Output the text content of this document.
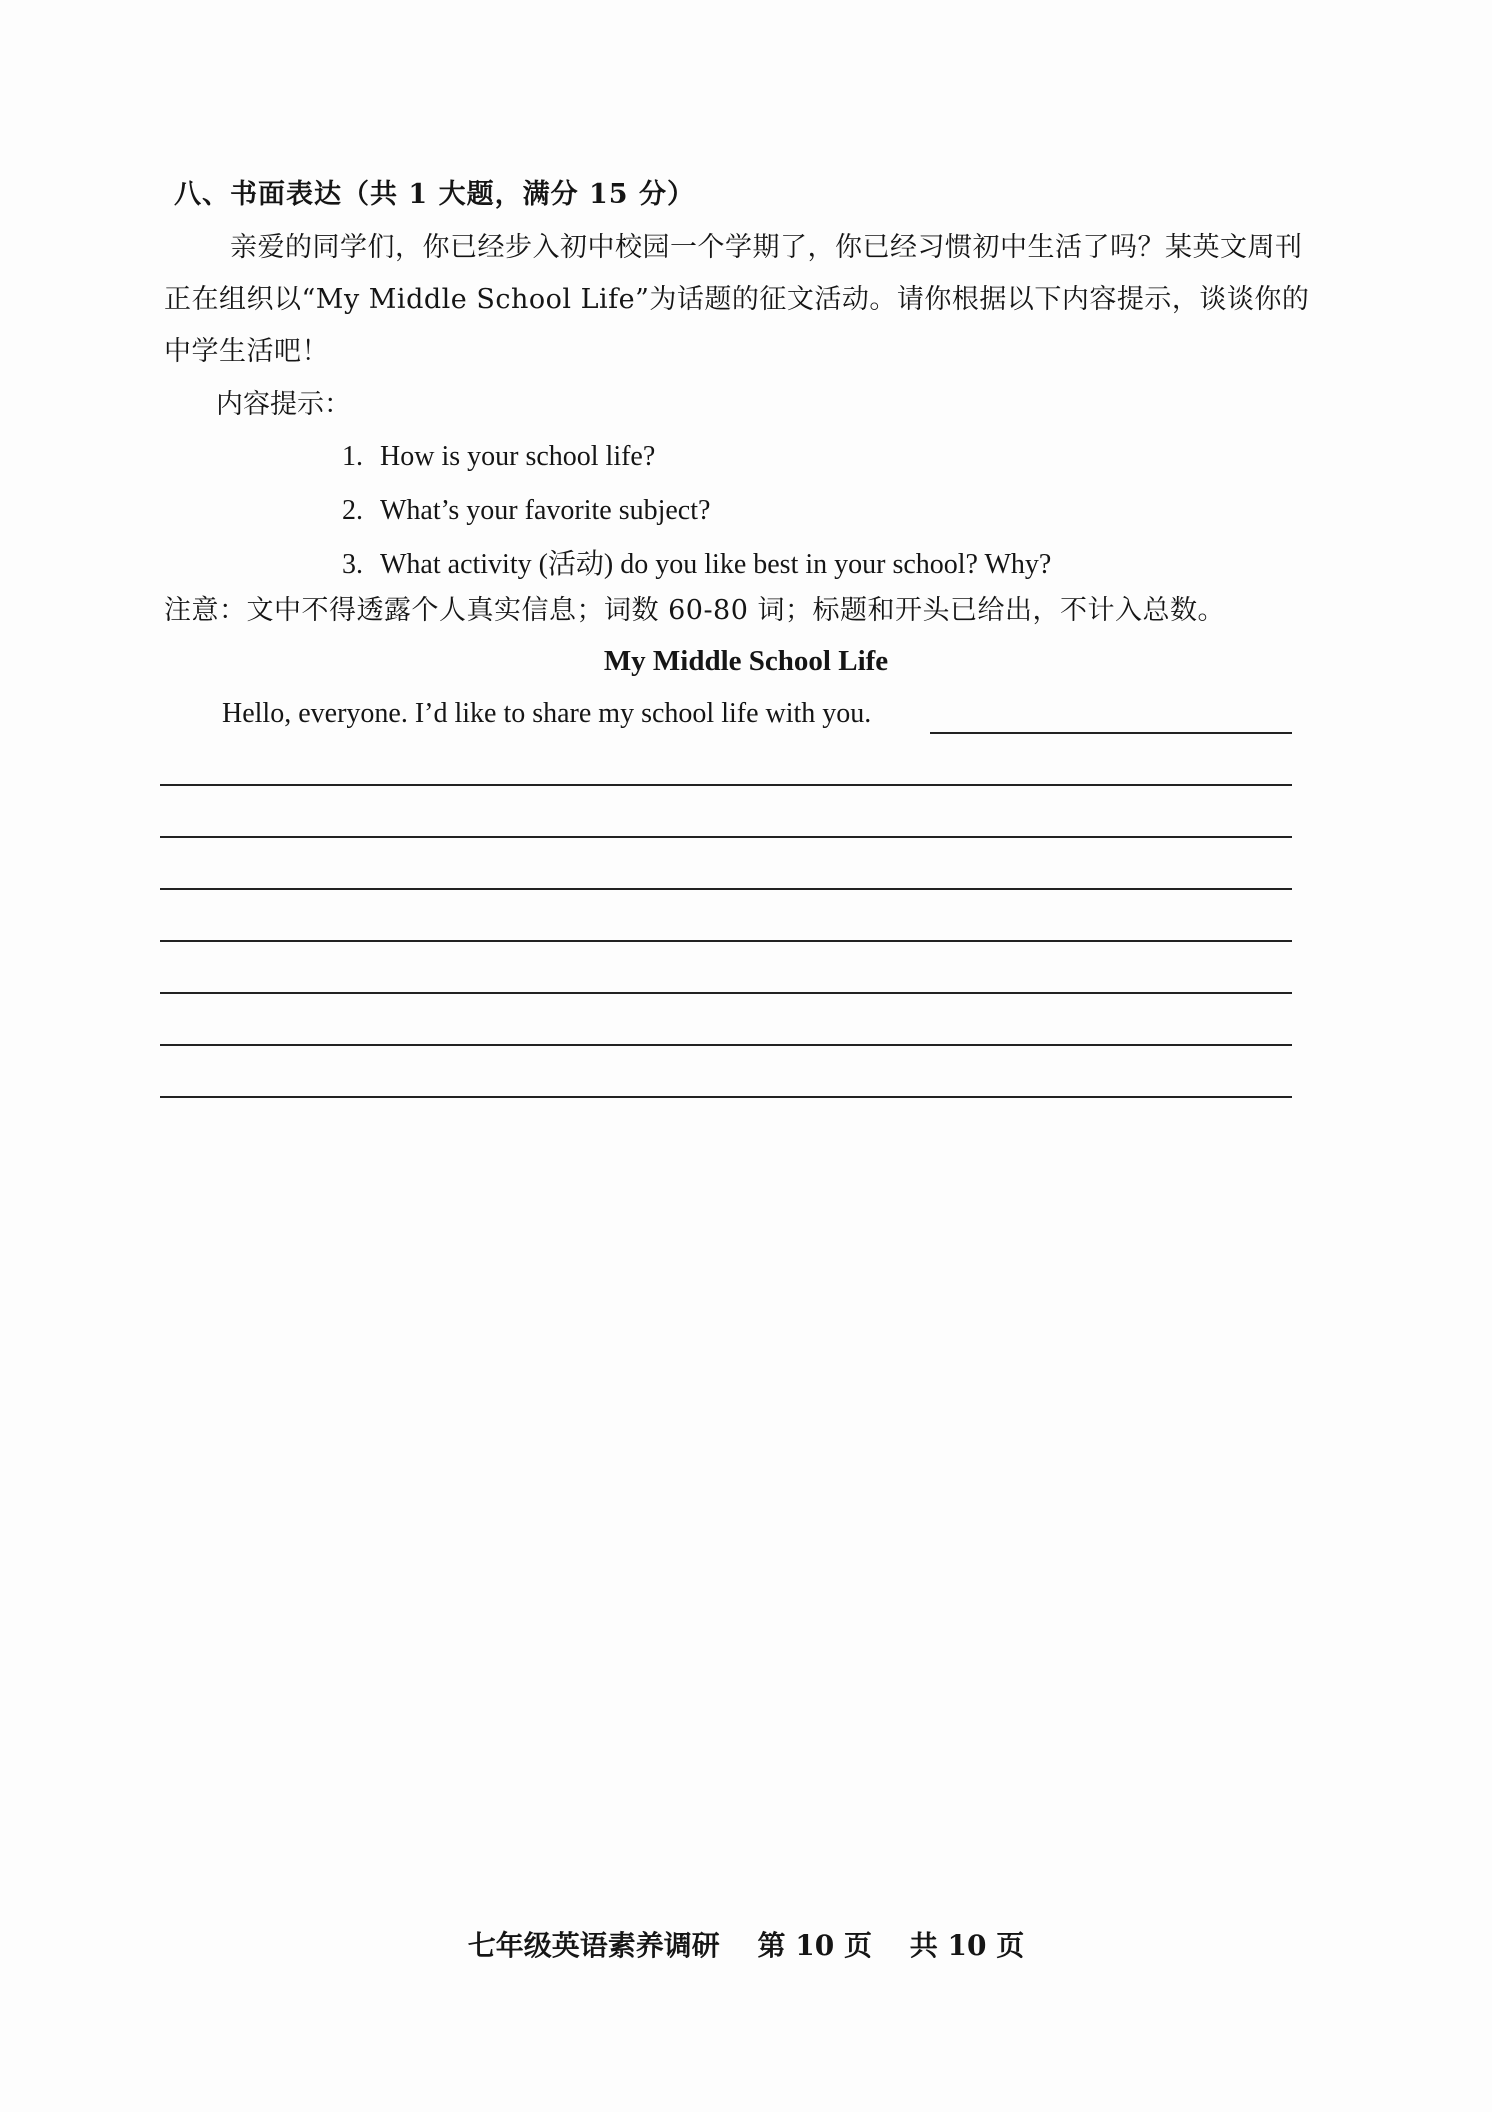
八、书面表达（共 1 大题，满分 15 分）
亲爱的同学们，你已经步入初中校园一个学期了，你已经习惯初中生活了吗？某英文周刊正在组织以“My Middle School Life”为话题的征文活动。请你根据以下内容提示，谈谈你的中学生活吧！
内容提示：
1. How is your school life?
2. What’s your favorite subject?
3. What activity (活动) do you like best in your school? Why?
注意：文中不得透露个人真实信息；词数 60-80 词；标题和开头已给出，不计入总数。
My Middle School Life
Hello, everyone. I’d like to share my school life with you.
七年级英语素养调研 第 10 页 共 10 页
